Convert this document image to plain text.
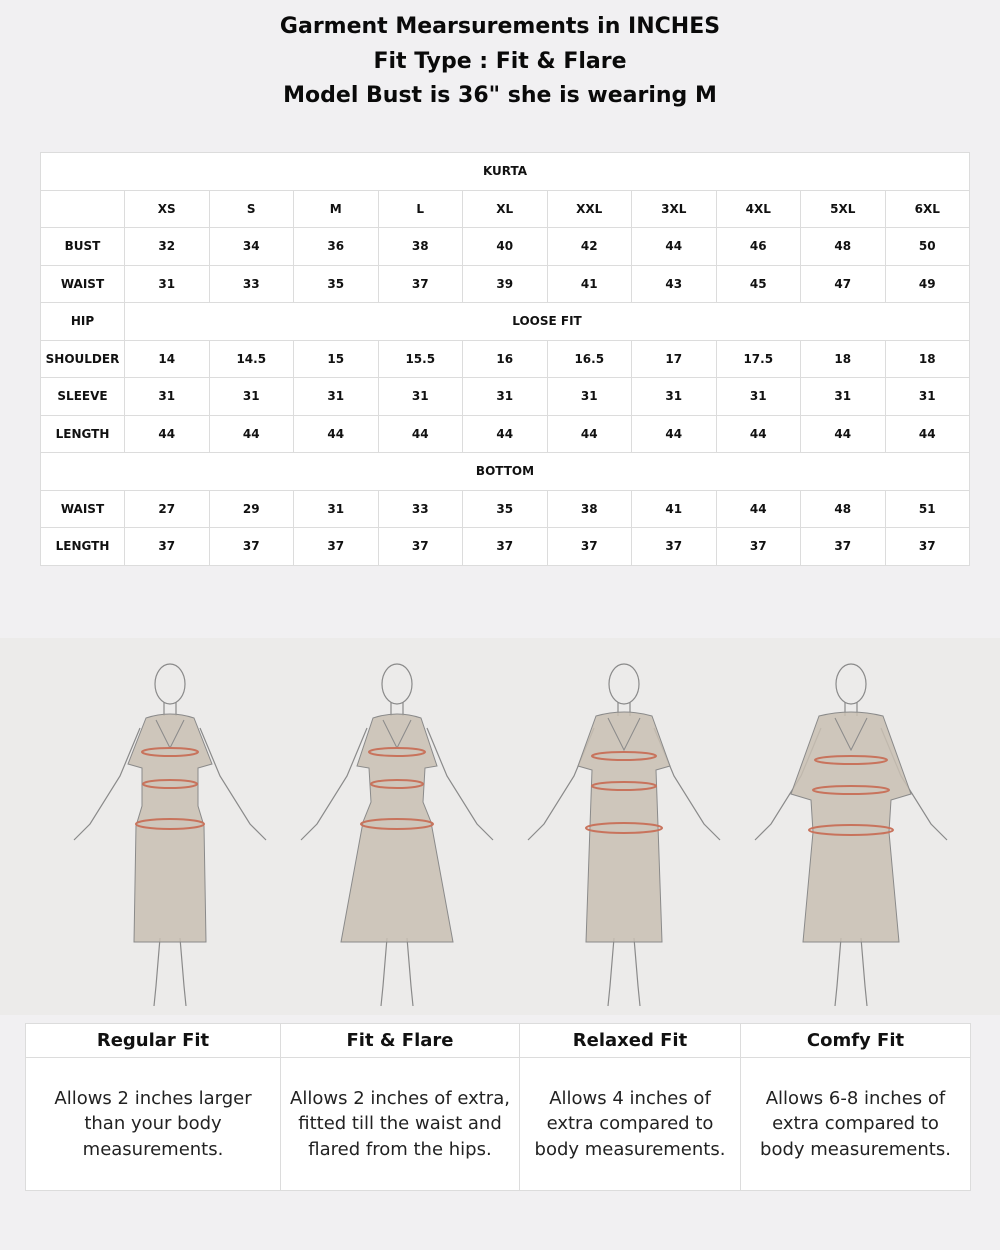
Garment Mearsurements in INCHES
Fit Type : Fit & Flare
Model Bust is 36" she is wearing M
KURTA										
	XS	S	M	L	XL	XXL	3XL	4XL	5XL	6XL
BUST	32	34	36	38	40	42	44	46	48	50
WAIST	31	33	35	37	39	41	43	45	47	49
HIP	LOOSE FIT									
SHOULDER	14	14.5	15	15.5	16	16.5	17	17.5	18	18
SLEEVE	31	31	31	31	31	31	31	31	31	31
LENGTH	44	44	44	44	44	44	44	44	44	44
BOTTOM										
WAIST	27	29	31	33	35	38	41	44	48	51
LENGTH	37	37	37	37	37	37	37	37	37	37
Regular Fit	Fit & Flare	Relaxed Fit	Comfy Fit
Allows 2 inches larger than your body measurements.	Allows 2 inches of extra, fitted till the waist and flared from the hips.	Allows 4 inches of extra compared to body measurements.	Allows 6-8 inches of extra compared to body measurements.
